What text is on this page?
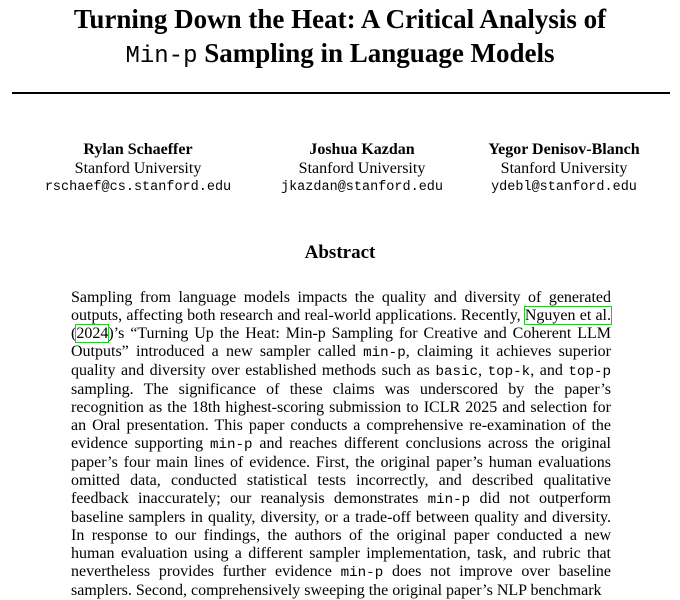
Turning Down the Heat: A Critical Analysis of
Min-p Sampling in Language Models
Rylan Schaeffer
Stanford University
rschaef@cs.stanford.edu
Joshua Kazdan
Stanford University
jkazdan@stanford.edu
Yegor Denisov-Blanch
Stanford University
ydebl@stanford.edu
Abstract

Sampling from language models impacts the quality and diversity of generated outputs, affecting both research and real-world applications. Recently, Nguyen et al. (2024)’s “Turning Up the Heat: Min-p Sampling for Creative and Coherent LLM Outputs” introduced a new sampler called min-p, claiming it achieves superior quality and diversity over established methods such as basic, top-k, and top-p sampling. The significance of these claims was underscored by the paper’s recognition as the 18th highest-scoring submission to ICLR 2025 and selection for an Oral presentation. This paper conducts a comprehensive re-examination of the evidence supporting min-p and reaches different conclusions across the original paper’s four main lines of evidence. First, the original paper’s human evaluations omitted data, conducted statistical tests incorrectly, and described qualitative feedback inaccurately; our reanalysis demonstrates min-p did not outperform baseline samplers in quality, diversity, or a trade-off between quality and diversity. In response to our findings, the authors of the original paper conducted a new human evaluation using a different sampler implementation, task, and rubric that nevertheless provides further evidence min-p does not improve over baseline samplers. Second, comprehensively sweeping the original paper’s NLP benchmark
